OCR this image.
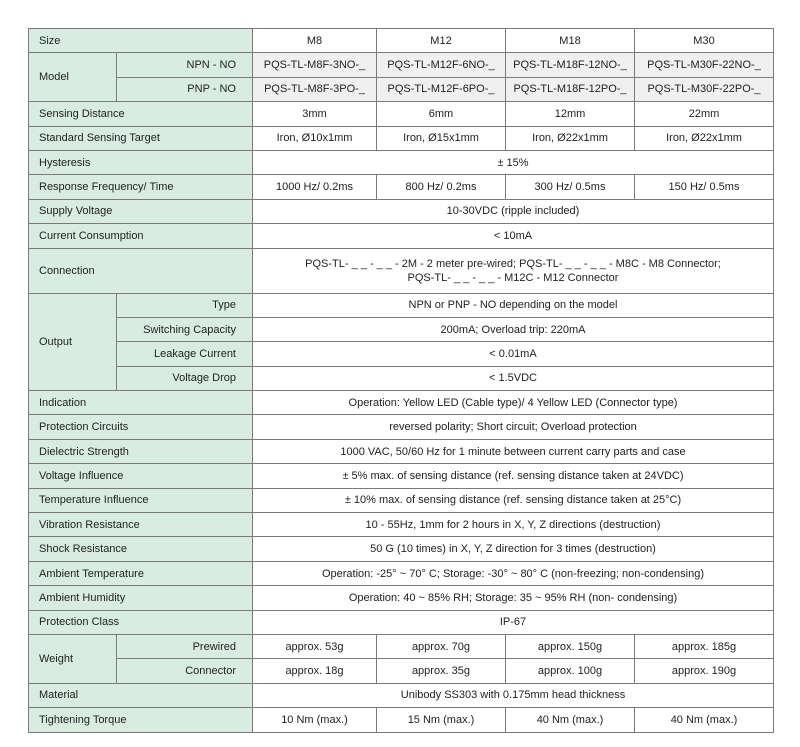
Size		M8	M12	M18	M30
Model	NPN - NO	PQS-TL-M8F-3NO-_	PQS-TL-M12F-6NO-_	PQS-TL-M18F-12NO-_	PQS-TL-M30F-22NO-_
	PNP - NO	PQS-TL-M8F-3PO-_	PQS-TL-M12F-6PO-_	PQS-TL-M18F-12PO-_	PQS-TL-M30F-22PO-_
Sensing Distance		3mm	6mm	12mm	22mm
Standard Sensing Target		Iron, Ø10x1mm	Iron, Ø15x1mm	Iron, Ø22x1mm	Iron, Ø22x1mm
Hysteresis		± 15%			
Response Frequency/ Time		1000 Hz/ 0.2ms	800 Hz/ 0.2ms	300 Hz/ 0.5ms	150 Hz/ 0.5ms
Supply Voltage		10-30VDC (ripple included)			
Current Consumption		< 10mA			
Connection		PQS-TL- _ _ - _ _ - 2M - 2 meter pre-wired; PQS-TL- _ _ - _ _ - M8C - M8 Connector;
PQS-TL- _ _ - _ _ - M12C - M12 Connector			

Output	Type	NPN or PNP - NO depending on the model			
	Switching Capacity	200mA; Overload trip: 220mA			
	Leakage Current	< 0.01mA			
	Voltage Drop	< 1.5VDC			
Indication		Operation: Yellow LED (Cable type)/ 4 Yellow LED (Connector type)			
Protection Circuits		reversed polarity; Short circuit; Overload protection			
Dielectric Strength		1000 VAC, 50/60 Hz for 1 minute between current carry parts and case			
Voltage Influence		± 5% max. of sensing distance (ref. sensing distance taken at 24VDC)			
Temperature Influence		± 10% max. of sensing distance (ref. sensing distance taken at 25°C)			
Vibration Resistance		10 - 55Hz, 1mm for 2 hours in X, Y, Z directions (destruction)			
Shock Resistance		50 G (10 times) in X, Y, Z direction for 3 times (destruction)			
Ambient Temperature		Operation: -25° ~ 70° C; Storage: -30° ~ 80° C (non-freezing; non-condensing)			
Ambient Humidity		Operation: 40 ~ 85% RH; Storage: 35 ~ 95% RH (non- condensing)			
Protection Class		IP-67			
Weight	Prewired	approx. 53g	approx. 70g	approx. 150g	approx. 185g
	Connector	approx. 18g	approx. 35g	approx. 100g	approx. 190g
Material		Unibody SS303 with 0.175mm head thickness			
Tightening Torque		10 Nm (max.)	15 Nm (max.)	40 Nm (max.)	40 Nm (max.)
